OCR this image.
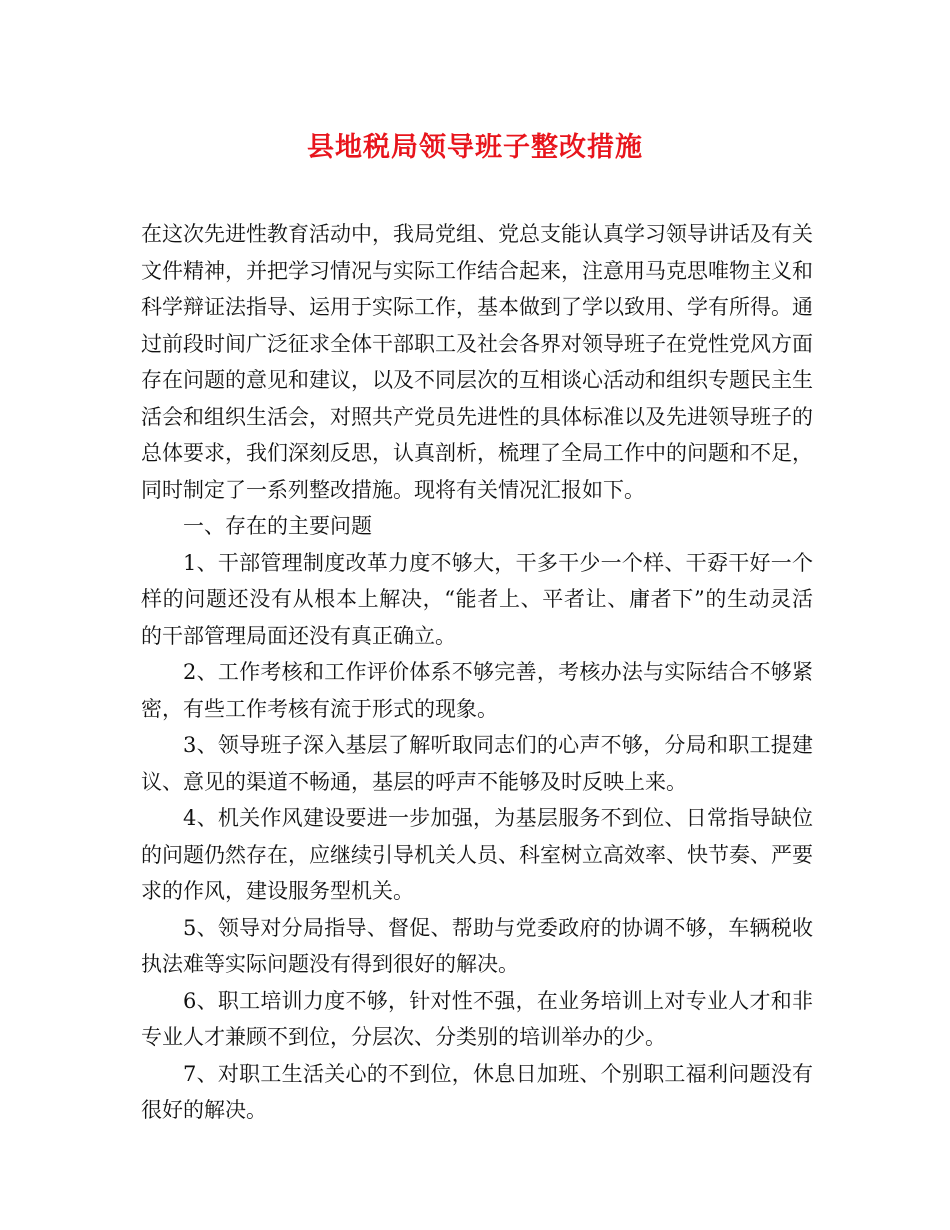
县地税局领导班子整改措施

在这次先进性教育活动中，我局党组、党总支能认真学习领导讲话及有关文件精神，并把学习情况与实际工作结合起来，注意用马克思唯物主义和科学辩证法指导、运用于实际工作，基本做到了学以致用、学有所得。通过前段时间广泛征求全体干部职工及社会各界对领导班子在党性党风方面存在问题的意见和建议，以及不同层次的互相谈心活动和组织专题民主生活会和组织生活会，对照共产党员先进性的具体标准以及先进领导班子的总体要求，我们深刻反思，认真剖析，梳理了全局工作中的问题和不足，同时制定了一系列整改措施。现将有关情况汇报如下。

一、存在的主要问题

1、干部管理制度改革力度不够大，干多干少一个样、干孬干好一个样的问题还没有从根本上解决，“能者上、平者让、庸者下”的生动灵活的干部管理局面还没有真正确立。

2、工作考核和工作评价体系不够完善，考核办法与实际结合不够紧密，有些工作考核有流于形式的现象。

3、领导班子深入基层了解听取同志们的心声不够，分局和职工提建议、意见的渠道不畅通，基层的呼声不能够及时反映上来。

4、机关作风建设要进一步加强，为基层服务不到位、日常指导缺位的问题仍然存在，应继续引导机关人员、科室树立高效率、快节奏、严要求的作风，建设服务型机关。

5、领导对分局指导、督促、帮助与党委政府的协调不够，车辆税收执法难等实际问题没有得到很好的解决。

6、职工培训力度不够，针对性不强，在业务培训上对专业人才和非专业人才兼顾不到位，分层次、分类别的培训举办的少。

7、对职工生活关心的不到位，休息日加班、个别职工福利问题没有很好的解决。
